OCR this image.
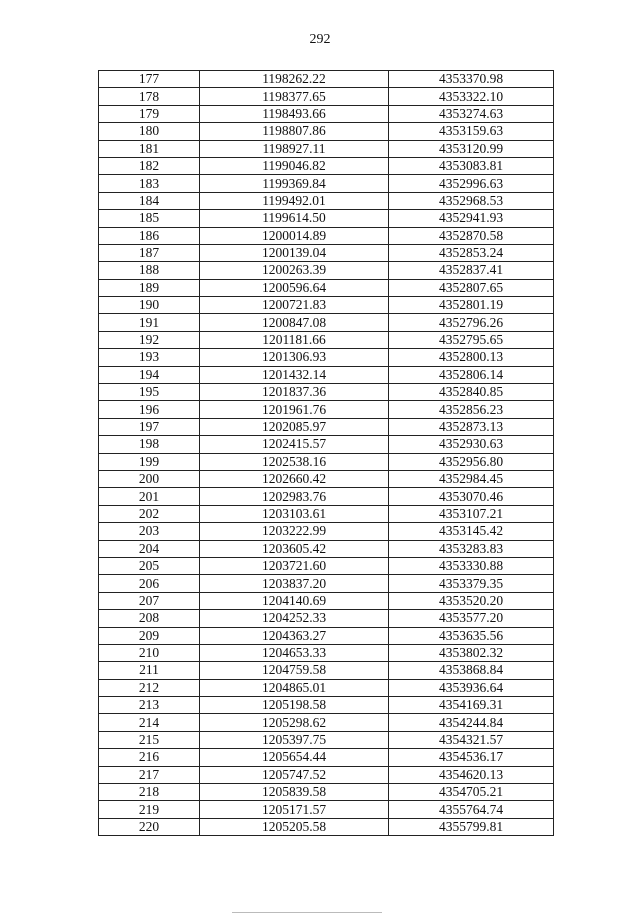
292
177	1198262.22	4353370.98
178	1198377.65	4353322.10
179	1198493.66	4353274.63
180	1198807.86	4353159.63
181	1198927.11	4353120.99
182	1199046.82	4353083.81
183	1199369.84	4352996.63
184	1199492.01	4352968.53
185	1199614.50	4352941.93
186	1200014.89	4352870.58
187	1200139.04	4352853.24
188	1200263.39	4352837.41
189	1200596.64	4352807.65
190	1200721.83	4352801.19
191	1200847.08	4352796.26
192	1201181.66	4352795.65
193	1201306.93	4352800.13
194	1201432.14	4352806.14
195	1201837.36	4352840.85
196	1201961.76	4352856.23
197	1202085.97	4352873.13
198	1202415.57	4352930.63
199	1202538.16	4352956.80
200	1202660.42	4352984.45
201	1202983.76	4353070.46
202	1203103.61	4353107.21
203	1203222.99	4353145.42
204	1203605.42	4353283.83
205	1203721.60	4353330.88
206	1203837.20	4353379.35
207	1204140.69	4353520.20
208	1204252.33	4353577.20
209	1204363.27	4353635.56
210	1204653.33	4353802.32
211	1204759.58	4353868.84
212	1204865.01	4353936.64
213	1205198.58	4354169.31
214	1205298.62	4354244.84
215	1205397.75	4354321.57
216	1205654.44	4354536.17
217	1205747.52	4354620.13
218	1205839.58	4354705.21
219	1205171.57	4355764.74
220	1205205.58	4355799.81
